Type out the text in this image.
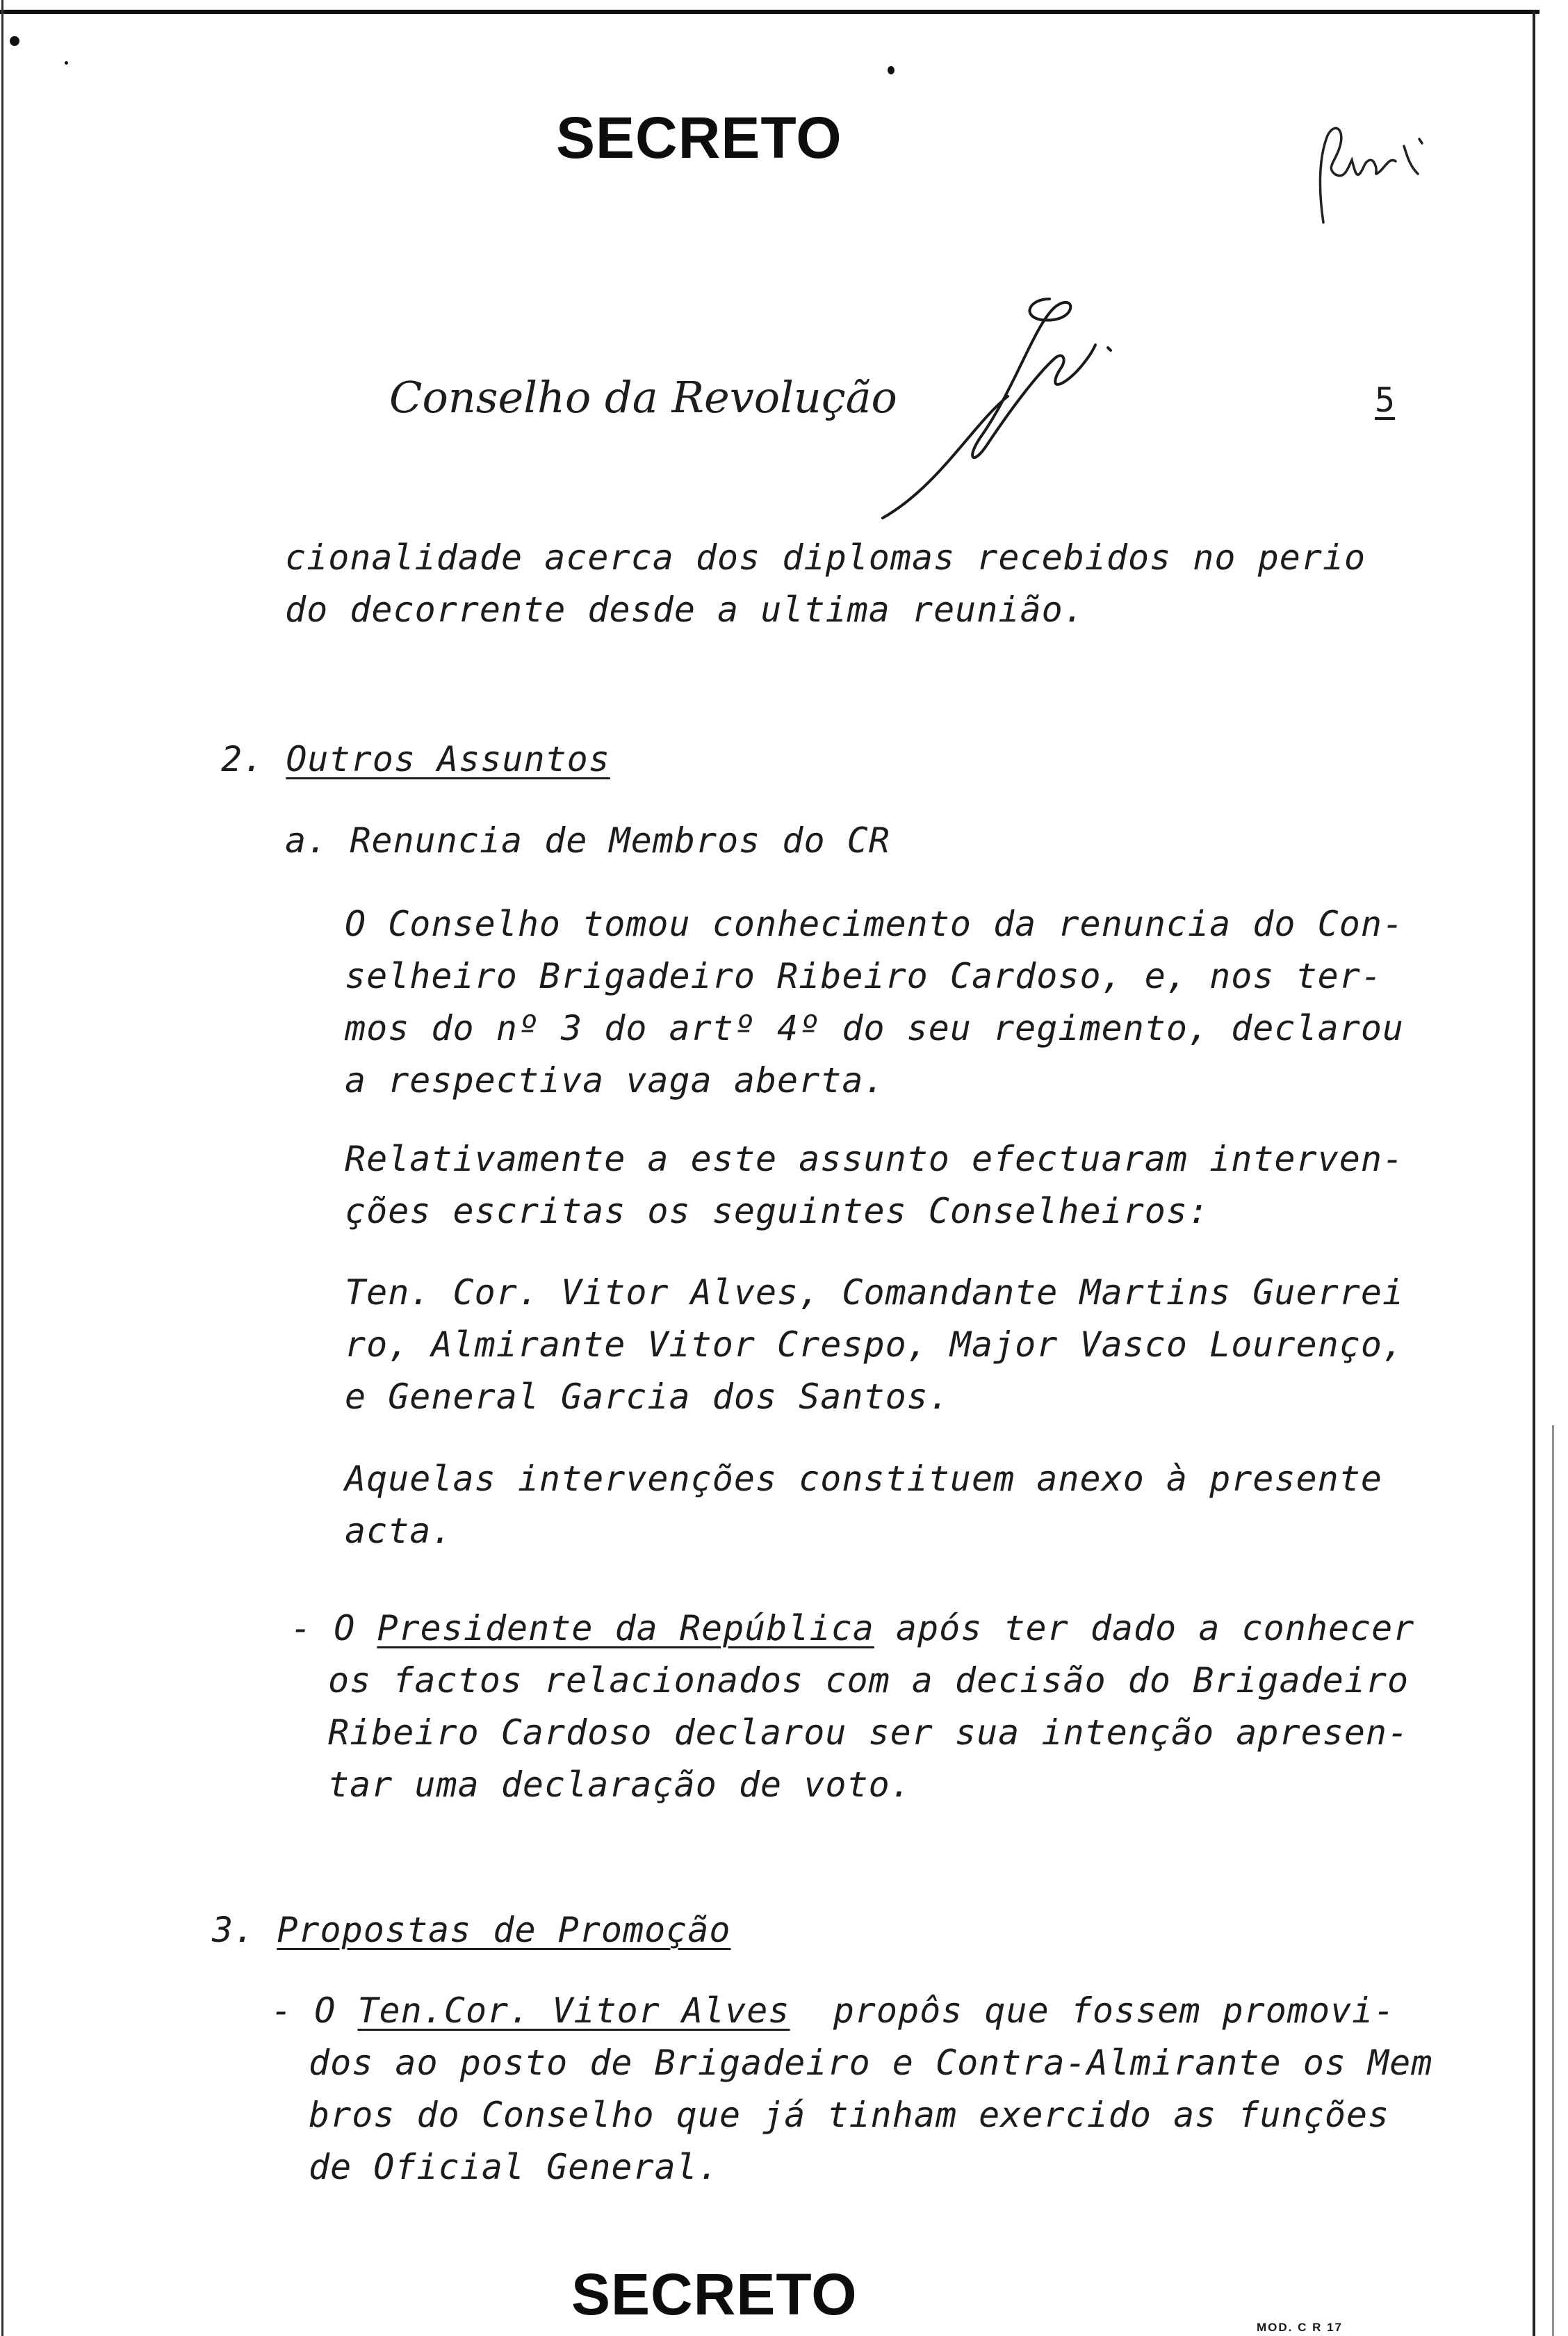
SECRETO
Conselho da Revolução	5
cionalidade acerca dos diplomas recebidos no perio
do decorrente desde a ultima reunião.
2. Outros Assuntos
a. Renuncia de Membros do CR
O Conselho tomou conhecimento da renuncia do Con-
selheiro Brigadeiro Ribeiro Cardoso, e, nos ter-
mos do nº 3 do artº 4º do seu regimento, declarou
a respectiva vaga aberta.
Relativamente a este assunto efectuaram interven-
ções escritas os seguintes Conselheiros:
Ten. Cor. Vitor Alves, Comandante Martins Guerrei
ro, Almirante Vitor Crespo, Major Vasco Lourenço,
e General Garcia dos Santos.
Aquelas intervenções constituem anexo à presente
acta.
- O Presidente da República após ter dado a conhecer
os factos relacionados com a decisão do Brigadeiro
Ribeiro Cardoso declarou ser sua intenção apresen-
tar uma declaração de voto.
3. Propostas de Promoção
- O Ten.Cor. Vitor Alves  propôs que fossem promovi-
dos ao posto de Brigadeiro e Contra-Almirante os Mem
bros do Conselho que já tinham exercido as funções
de Oficial General.
SECRETO
MOD. C R 17
